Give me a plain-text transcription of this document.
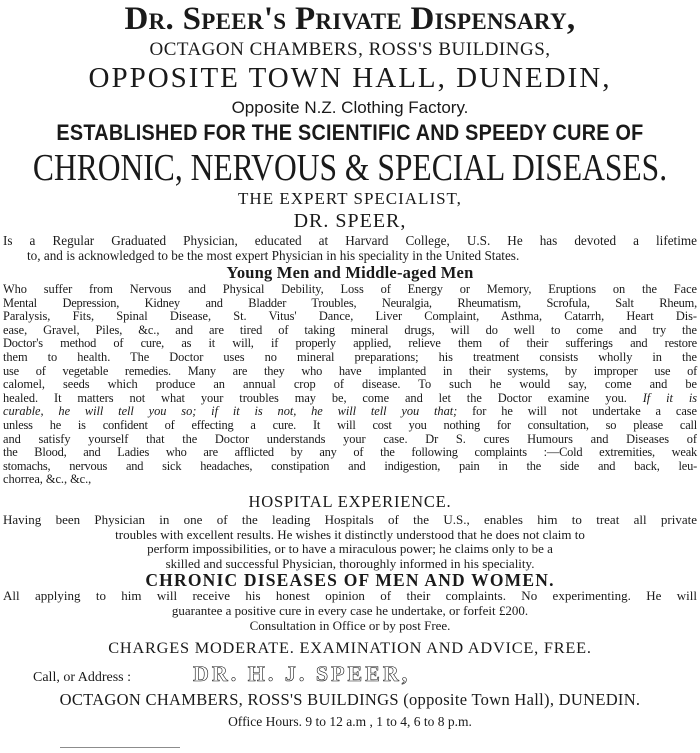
Dr. Speer's Private Dispensary,
OCTAGON CHAMBERS, ROSS'S BUILDINGS,
OPPOSITE TOWN HALL, DUNEDIN,
Opposite N.Z. Clothing Factory.
ESTABLISHED FOR THE SCIENTIFIC AND SPEEDY CURE OF
CHRONIC, NERVOUS & SPECIAL DISEASES.
THE EXPERT SPECIALIST,
DR. SPEER,
Is a Regular Graduated Physician, educated at Harvard College, U.S. He has devoted a lifetime
to, and is acknowledged to be the most expert Physician in his speciality in the United States.
Young Men and Middle-aged Men
Who suffer from Nervous and Physical Debility, Loss of Energy or Memory, Eruptions on the Face
Mental Depression, Kidney and Bladder Troubles, Neuralgia, Rheumatism, Scrofula, Salt Rheum,
Paralysis, Fits, Spinal Disease, St. Vitus' Dance, Liver Complaint, Asthma, Catarrh, Heart Dis-
ease, Gravel, Piles, &c., and are tired of taking mineral drugs, will do well to come and try the
Doctor's method of cure, as it will, if properly applied, relieve them of their sufferings and restore
them to health. The Doctor uses no mineral preparations; his treatment consists wholly in the
use of vegetable remedies. Many are they who have implanted in their systems, by improper use of
calomel, seeds which produce an annual crop of disease. To such he would say, come and be
healed. It matters not what your troubles may be, come and let the Doctor examine you. If it is
curable, he will tell you so; if it is not, he will tell you that; for he will not undertake a case
unless he is confident of effecting a cure. It will cost you nothing for consultation, so please call
and satisfy yourself that the Doctor understands your case. Dr S. cures Humours and Diseases of
the Blood, and Ladies who are afflicted by any of the following complaints :—Cold extremities, weak
stomachs, nervous and sick headaches, constipation and indigestion, pain in the side and back, leu-
chorrea, &c., &c.,
HOSPITAL EXPERIENCE.
Having been Physician in one of the leading Hospitals of the U.S., enables him to treat all private
troubles with excellent results. He wishes it distinctly understood that he does not claim to
perform impossibilities, or to have a miraculous power; he claims only to be a
skilled and successful Physician, thoroughly informed in his speciality.
CHRONIC DISEASES OF MEN AND WOMEN.
All applying to him will receive his honest opinion of their complaints. No experimenting. He will
guarantee a positive cure in every case he undertake, or forfeit £200.
Consultation in Office or by post Free.
CHARGES MODERATE. EXAMINATION AND ADVICE, FREE.
Call, or Address :	DR. H. J. SPEER,
OCTAGON CHAMBERS, ROSS'S BUILDINGS (opposite Town Hall), DUNEDIN.
Office Hours. 9 to 12 a.m , 1 to 4, 6 to 8 p.m.
